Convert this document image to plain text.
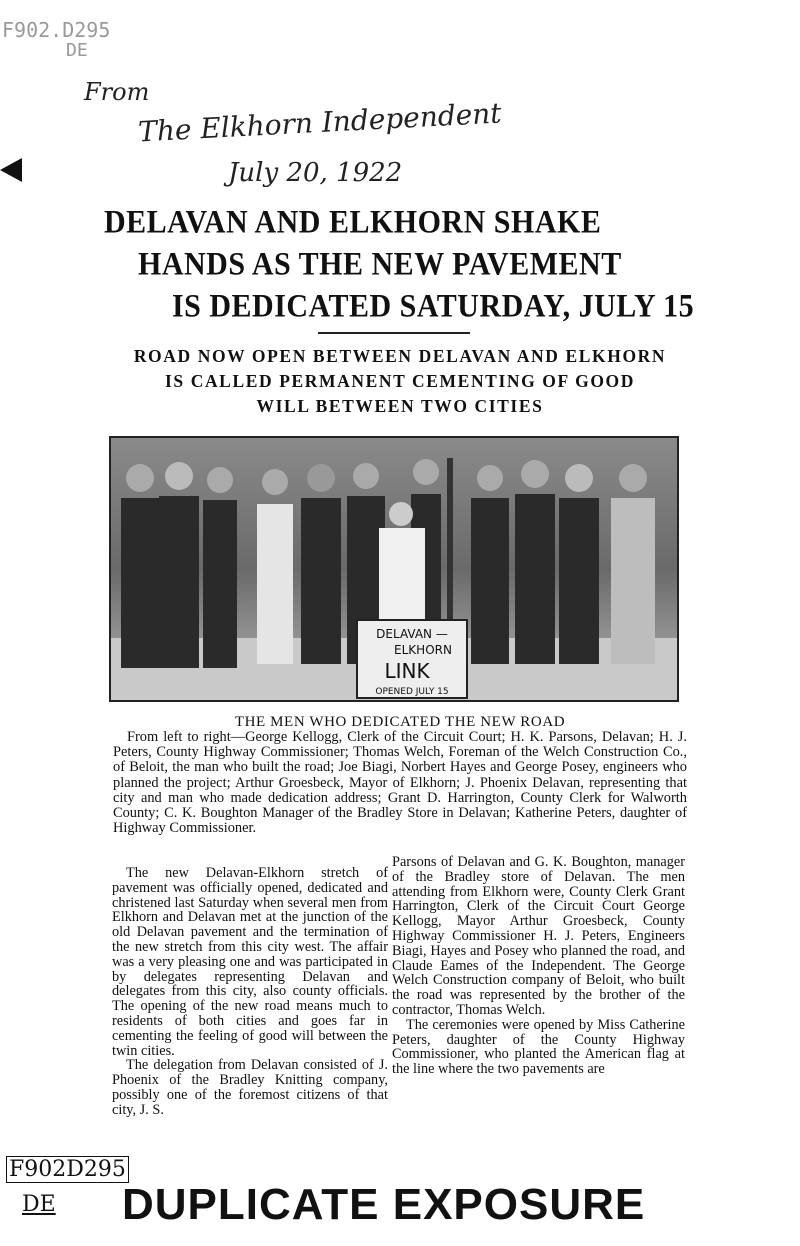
F902.D295
DE
From
The Elkhorn Independent
July 20, 1922
DELAVAN AND ELKHORN SHAKE
HANDS AS THE NEW PAVEMENT
IS DEDICATED SATURDAY, JULY 15
ROAD NOW OPEN BETWEEN DELAVAN AND ELKHORN
IS CALLED PERMANENT CEMENTING OF GOOD
WILL BETWEEN TWO CITIES
DELAVAN —
ELKHORN
LINK
OPENED JULY 15
THE MEN WHO DEDICATED THE NEW ROAD

From left to right—George Kellogg, Clerk of the Circuit Court; H. K. Parsons, Delavan; H. J. Peters, County Highway Commissioner; Thomas Welch, Foreman of the Welch Construction Co., of Beloit, the man who built the road; Joe Biagi, Norbert Hayes and George Posey, engineers who planned the project; Arthur Groesbeck, Mayor of Elkhorn; J. Phoenix Delavan, representing that city and man who made dedication address; Grant D. Harrington, County Clerk for Walworth County; C. K. Boughton Manager of the Bradley Store in Delavan; Katherine Peters, daughter of Highway Commissioner.

The new Delavan-Elkhorn stretch of pavement was officially opened, dedicated and christened last Saturday when several men from Elkhorn and Delavan met at the junction of the old Delavan pavement and the termination of the new stretch from this city west. The affair was a very pleasing one and was participated in by delegates representing Delavan and delegates from this city, also county officials. The opening of the new road means much to residents of both cities and goes far in cementing the feeling of good will between the twin cities.

The delegation from Delavan consisted of J. Phoenix of the Bradley Knitting company, possibly one of the foremost citizens of that city, J. S.

Parsons of Delavan and G. K. Boughton, manager of the Bradley store of Delavan. The men attending from Elkhorn were, County Clerk Grant Harrington, Clerk of the Circuit Court George Kellogg, Mayor Arthur Groesbeck, County Highway Commissioner H. J. Peters, Engineers Biagi, Hayes and Posey who planned the road, and Claude Eames of the Independent. The George Welch Construction company of Beloit, who built the road was represented by the brother of the contractor, Thomas Welch.

The ceremonies were opened by Miss Catherine Peters, daughter of the County Highway Commissioner, who planted the American flag at the line where the two pavements are

F902D295
DE DUPLICATE EXPOSURE
